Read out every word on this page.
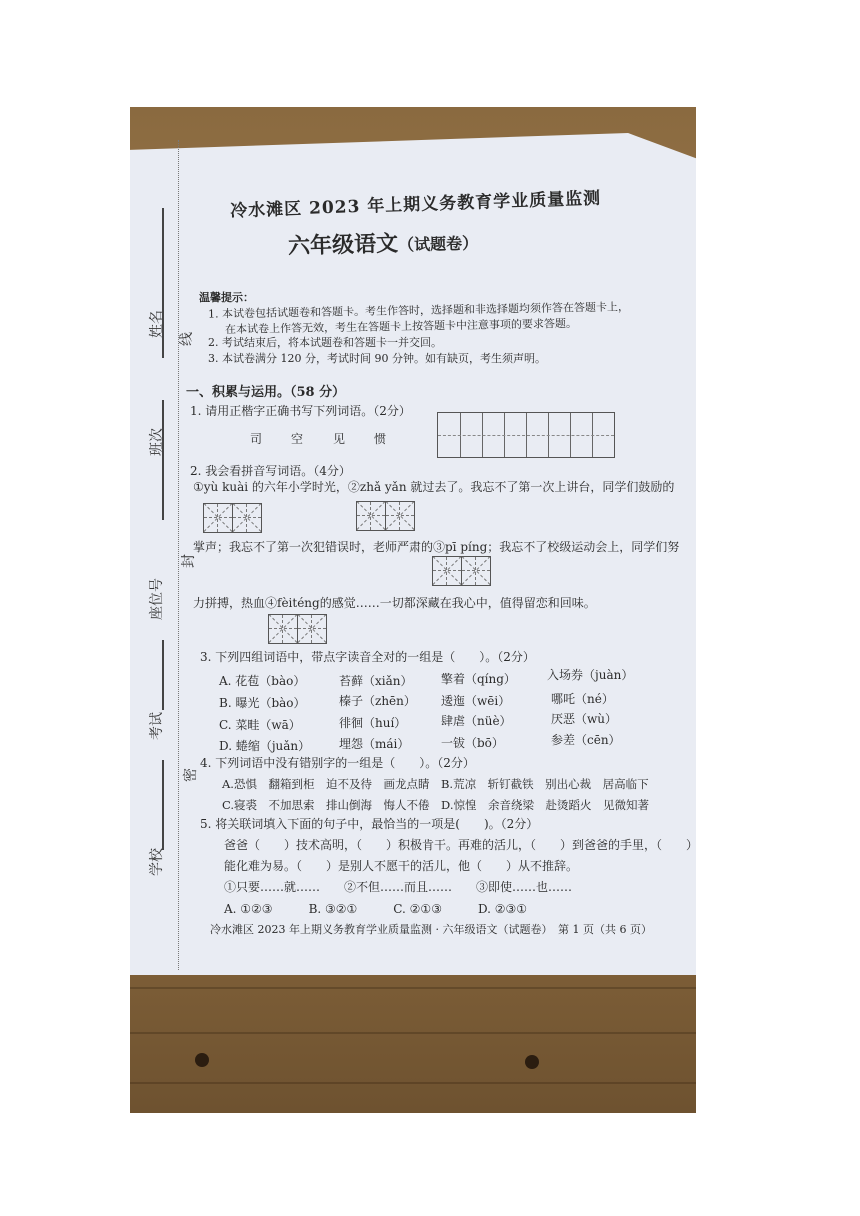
姓名
线
班次
座位号
封
考试
密
学校
冷水滩区 2023 年上期义务教育学业质量监测
六年级语文（试题卷）
温馨提示：
1. 本试卷包括试题卷和答题卡。考生作答时，选择题和非选择题均须作答在答题卡上，
在本试卷上作答无效，考生在答题卡上按答题卡中注意事项的要求答题。
2. 考试结束后，将本试题卷和答题卡一并交回。
3. 本试卷满分 120 分，考试时间 90 分钟。如有缺页，考生须声明。
一、积累与运用。（58 分）
1. 请用正楷字正确书写下列词语。（2分）
司 空 见 惯
2. 我会看拼音写词语。（4分）
①yù kuài 的六年小学时光，②zhǎ yǎn 就过去了。我忘不了第一次上讲台，同学们鼓励的
掌声；我忘不了第一次犯错误时，老师严肃的③pī píng；我忘不了校级运动会上，同学们努
力拼搏，热血④fèiténg的感觉……一切都深藏在我心中，值得留恋和回味。
3. 下列四组词语中，带点字读音全对的一组是（　　）。（2分）
A. 花苞（bào）	苔藓（xiǎn） 擎着（qíng）	入场券（juàn）
B. 曝光（bào）	榛子（zhēn） 逶迤（wēi）	哪吒（né）
C. 菜畦（wā）	徘徊（huí）	肆虐（nüè）	厌恶（wù）
D. 蜷缩（juǎn） 埋怨（mái）	一钹（bō）	参差（cēn）
4. 下列词语中没有错别字的一组是（　　）。（2分）
A.恐惧　翻箱到柜　迫不及待　画龙点睛　B.荒凉　斩钉截铁　别出心裁　居高临下
C.寝裘　不加思索　排山倒海　悔人不倦　D.惊惶　余音绕梁　赴烫蹈火　见微知著
5. 将关联词填入下面的句子中，最恰当的一项是(　　)。（2分）
爸爸（　　）技术高明，（　　）积极肯干。再难的活儿，（　　）到爸爸的手里，（　　）
能化难为易。（　　）是别人不愿干的活儿，他（　　）从不推辞。
①只要……就……　　②不但……而且……　　③即使……也……
A. ①②③　　　B. ③②①　　　C. ②①③　　　D. ②③①
冷水滩区 2023 年上期义务教育学业质量监测 · 六年级语文（试题卷）　第 1 页（共 6 页）
